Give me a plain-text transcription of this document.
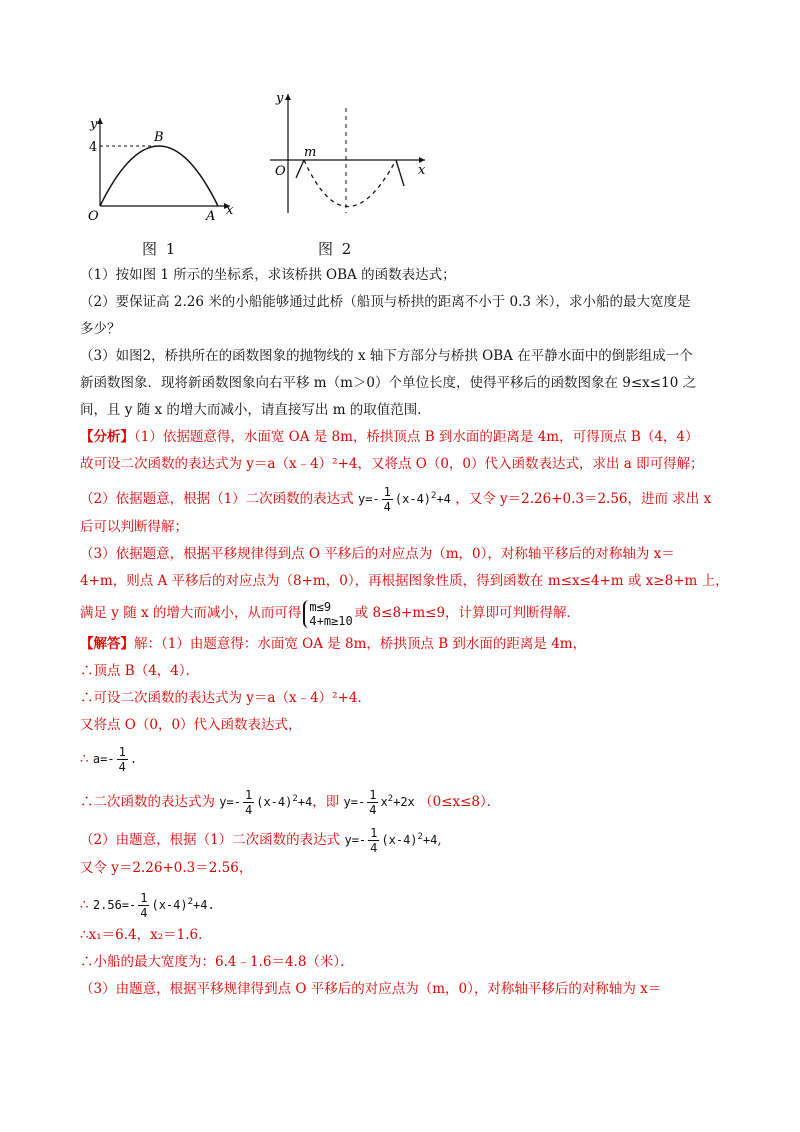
y
4
B
O	A x
y
m
O	x
图 1	图 2
（1）按如图 1 所示的坐标系，求该桥拱 OBA 的函数表达式；
（2）要保证高 2.26 米的小船能够通过此桥（船顶与桥拱的距离不小于 0.3 米），求小船的最大宽度是
多少？
（3）如图2，桥拱所在的函数图象的抛物线的 x 轴下方部分与桥拱 OBA 在平静水面中的倒影组成一个
新函数图象．现将新函数图象向右平移 m（m＞0）个单位长度，使得平移后的函数图象在 9≤x≤10 之
间，且 y 随 x 的增大而减小，请直接写出 m 的取值范围．
【分析】（1）依据题意得，水面宽 OA 是 8m，桥拱顶点 B 到水面的距离是 4m，可得顶点 B（4，4）
故可设二次函数的表达式为 y＝a（x﹣4）²+4，又将点 O（0，0）代入函数表达式，求出 a 即可得解；
（2）依据题意，根据（1）二次函数的表达式 $y=- \frac{1}{4} (x-4)^2+4$ ，又令 y＝2.26+0.3＝2.56，进而 求出 x
后可以判断得解；
（3）依据题意，根据平移规律得到点 O 平移后的对应点为（m，0），对称轴平移后的对称轴为 x＝
4+m，则点 A 平移后的对应点为（8+m，0），再根据图象性质，得到函数在 m≤x≤4+m 或 x≥8+m 上，
满足 y 随 x 的增大而减小，从而可得 m≤9
4+m≥10 或 8≤8+m≤9，计算即可判断得解．
【解答】解：（1）由题意得：水面宽 OA 是 8m，桥拱顶点 B 到水面的距离是 4m，
∴顶点 B（4，4）．
∴可设二次函数的表达式为 y＝a（x﹣4）²+4．
又将点 O（0，0）代入函数表达式，
∴ $a=- \frac{1}{4}$ .
∴二次函数的表达式为 $y=- \frac{1}{4} (x-4)^2+4$，即 $y=- \frac{1}{4} x^2+2x$ （0≤x≤8）．
（2）由题意，根据（1）二次函数的表达式 $y=- \frac{1}{4} (x-4)^2+4$,
又令 y＝2.26+0.3＝2.56，
∴ $2.56=- \frac{1}{4} (x-4)^2+4$.
∴x₁＝6.4，x₂＝1.6．
∴小船的最大宽度为：6.4﹣1.6＝4.8（米）．
（3）由题意，根据平移规律得到点 O 平移后的对应点为（m，0），对称轴平移后的对称轴为 x＝
